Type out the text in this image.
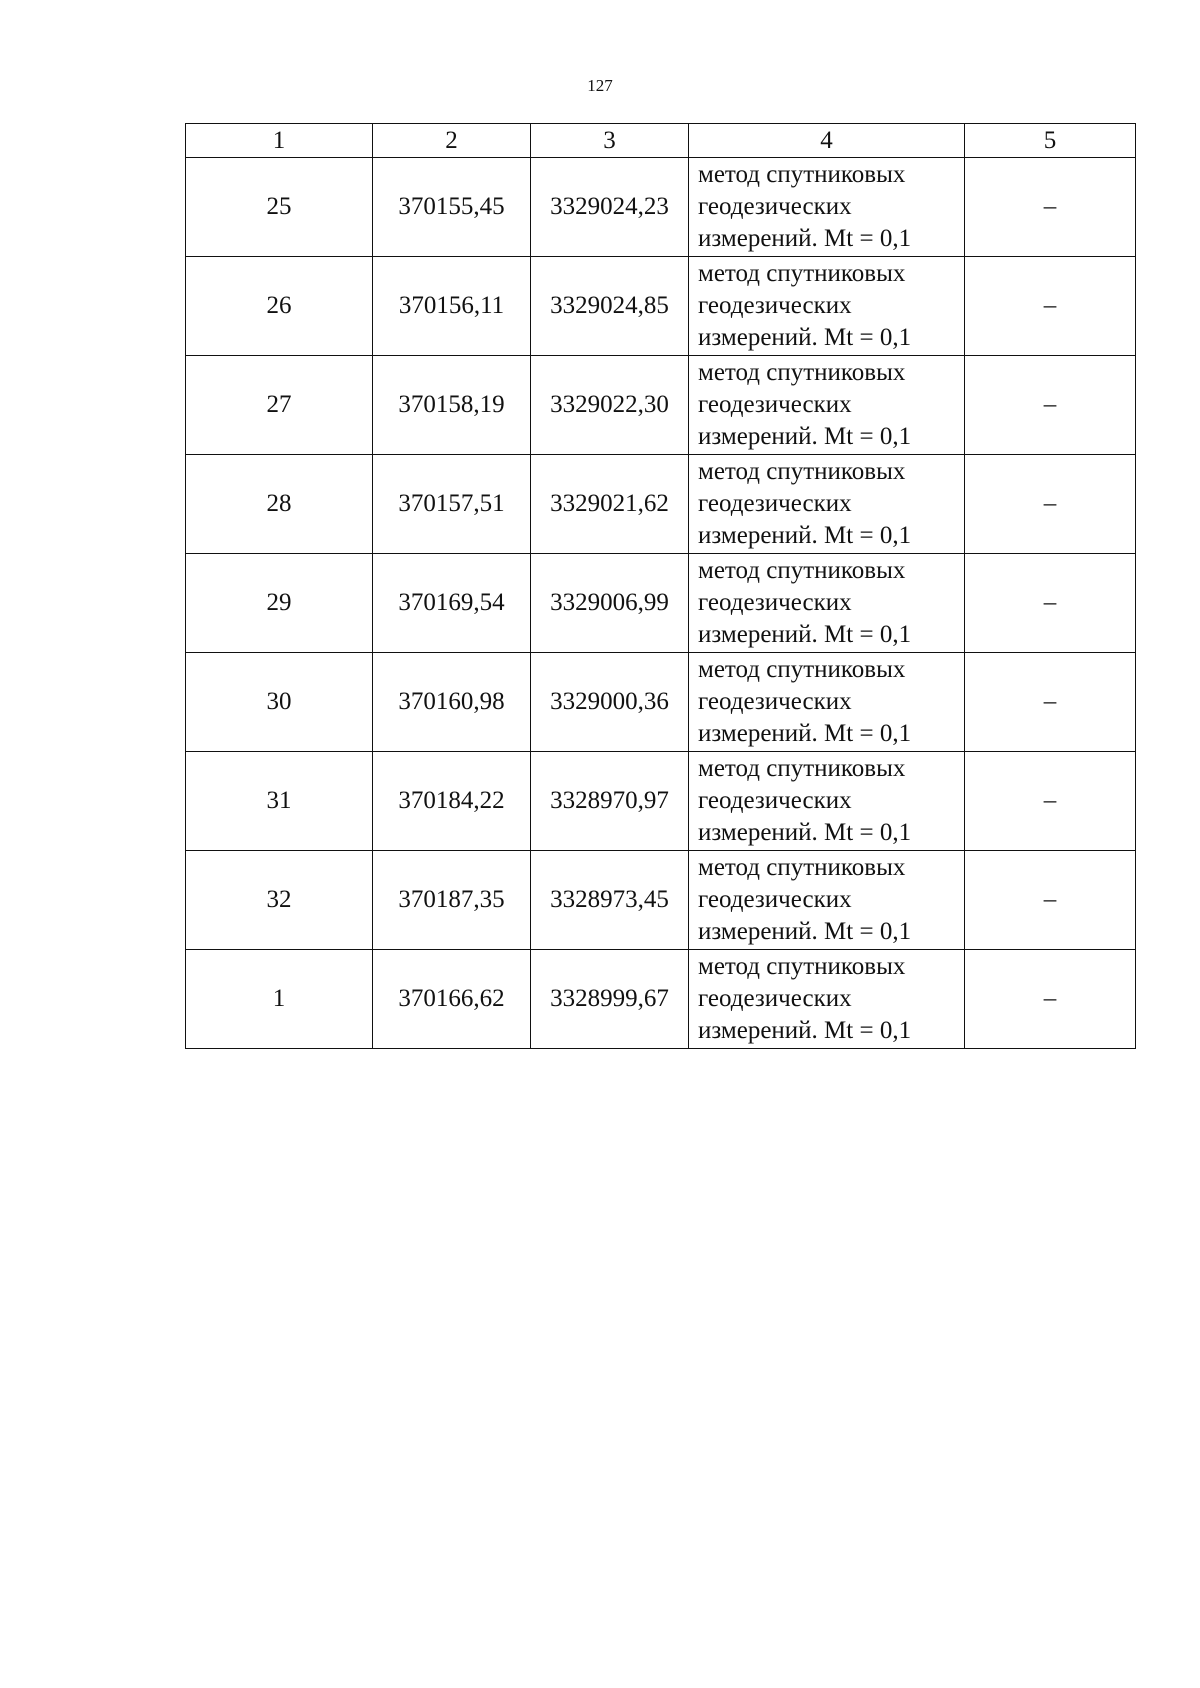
127
1	2	3	4	5
25	370155,45	3329024,23	метод спутниковых
геодезических
измерений. Mt = 0,1	–
26	370156,11	3329024,85	метод спутниковых
геодезических
измерений. Mt = 0,1	–
27	370158,19	3329022,30	метод спутниковых
геодезических
измерений. Mt = 0,1	–
28	370157,51	3329021,62	метод спутниковых
геодезических
измерений. Mt = 0,1	–
29	370169,54	3329006,99	метод спутниковых
геодезических
измерений. Mt = 0,1	–
30	370160,98	3329000,36	метод спутниковых
геодезических
измерений. Mt = 0,1	–
31	370184,22	3328970,97	метод спутниковых
геодезических
измерений. Mt = 0,1	–
32	370187,35	3328973,45	метод спутниковых
геодезических
измерений. Mt = 0,1	–
1	370166,62	3328999,67	метод спутниковых
геодезических
измерений. Mt = 0,1	–
